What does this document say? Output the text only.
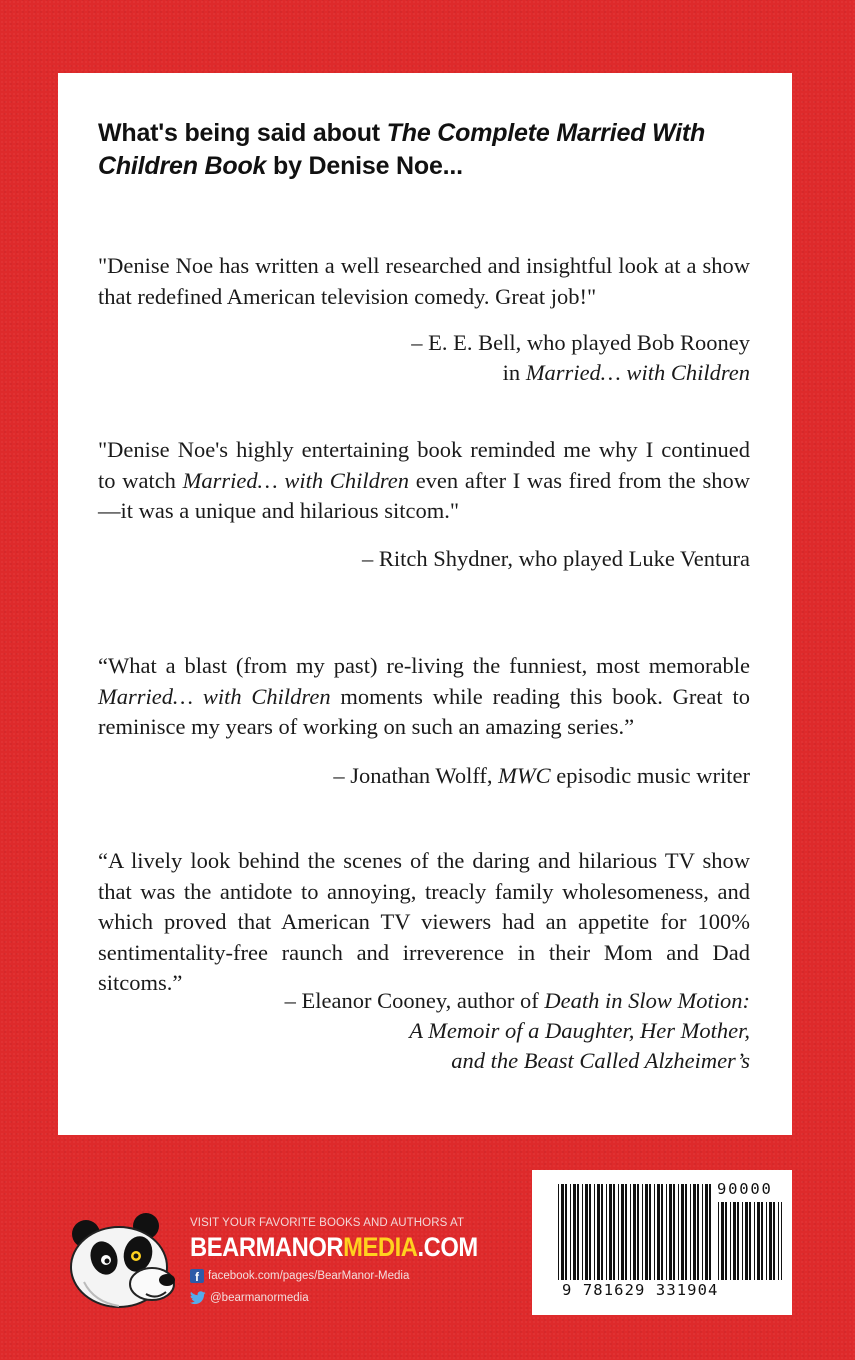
What's being said about The Complete Married With Children Book by Denise Noe...

"Denise Noe has written a well researched and insightful look at a show that redefined American television comedy. Great job!"

– E. E. Bell, who played Bob Rooney
in Married… with Children

"Denise Noe's highly entertaining book reminded me why I continued to watch Married… with Children even after I was fired from the show—it was a unique and hilarious sitcom."

– Ritch Shydner, who played Luke Ventura

“What a blast (from my past) re-living the funniest, most memorable Married… with Children moments while reading this book. Great to reminisce my years of working on such an amazing series.”

– Jonathan Wolff, MWC episodic music writer

“A lively look behind the scenes of the daring and hilarious TV show that was the antidote to annoying, treacly family wholesomeness, and which proved that American TV viewers had an appetite for 100% sentimentality-free raunch and irreverence in their Mom and Dad sitcoms.”

– Eleanor Cooney, author of Death in Slow Motion:
A Memoir of a Daughter, Her Mother,
and the Beast Called Alzheimer’s
VISIT YOUR FAVORITE BOOKS AND AUTHORS AT
BEARMANORMEDIA.COM
f facebook.com/pages/BearManor-Media
@bearmanormedia
90000
9 781629 331904
